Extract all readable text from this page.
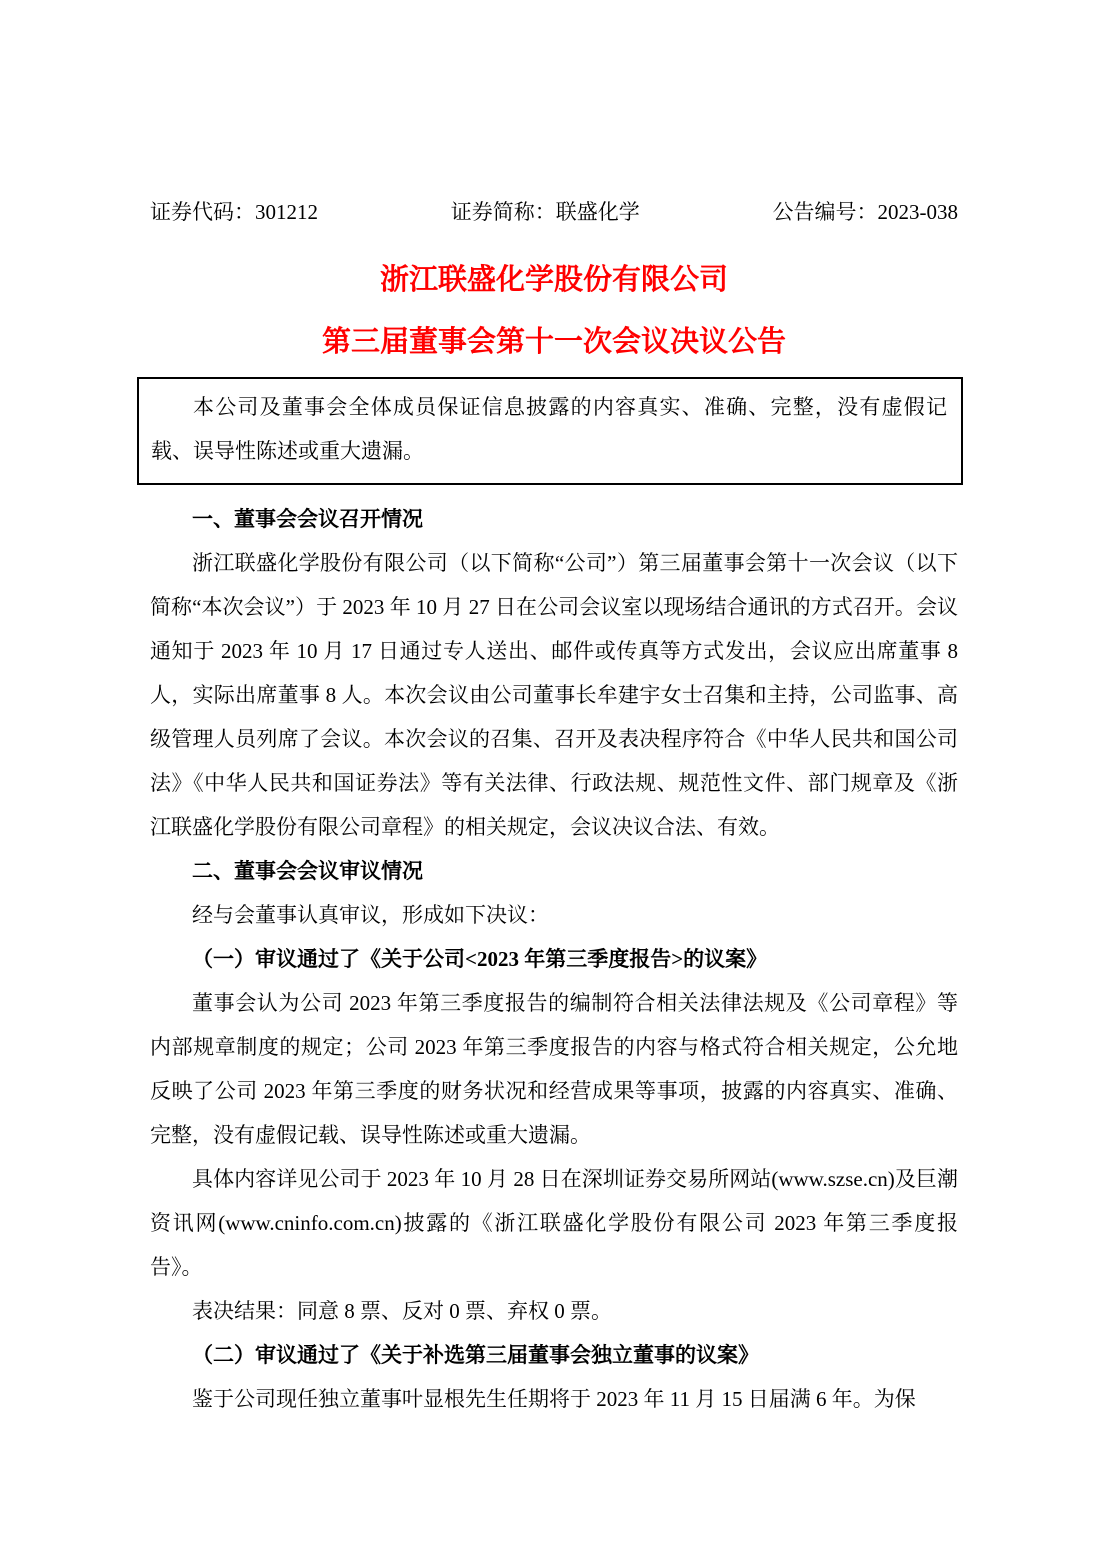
证券代码：301212	证券简称：联盛化学	公告编号：2023-038
浙江联盛化学股份有限公司
第三届董事会第十一次会议决议公告

本公司及董事会全体成员保证信息披露的内容真实、准确、完整，没有虚假记载、误导性陈述或重大遗漏。

一、董事会会议召开情况

浙江联盛化学股份有限公司（以下简称“公司”）第三届董事会第十一次会议（以下简称“本次会议”）于 2023 年 10 月 27 日在公司会议室以现场结合通讯的方式召开。会议通知于 2023 年 10 月 17 日通过专人送出、邮件或传真等方式发出，会议应出席董事 8 人，实际出席董事 8 人。本次会议由公司董事长牟建宇女士召集和主持，公司监事、高级管理人员列席了会议。本次会议的召集、召开及表决程序符合《中华人民共和国公司法》《中华人民共和国证券法》等有关法律、行政法规、规范性文件、部门规章及《浙江联盛化学股份有限公司章程》的相关规定，会议决议合法、有效。

二、董事会会议审议情况

经与会董事认真审议，形成如下决议：

（一）审议通过了《关于公司<2023 年第三季度报告>的议案》

董事会认为公司 2023 年第三季度报告的编制符合相关法律法规及《公司章程》等内部规章制度的规定；公司 2023 年第三季度报告的内容与格式符合相关规定，公允地反映了公司 2023 年第三季度的财务状况和经营成果等事项，披露的内容真实、准确、完整，没有虚假记载、误导性陈述或重大遗漏。

具体内容详见公司于 2023 年 10 月 28 日在深圳证券交易所网站(www.szse.cn)及巨潮资讯网(www.cninfo.com.cn)披露的《浙江联盛化学股份有限公司 2023 年第三季度报告》。

表决结果：同意 8 票、反对 0 票、弃权 0 票。

（二）审议通过了《关于补选第三届董事会独立董事的议案》

鉴于公司现任独立董事叶显根先生任期将于 2023 年 11 月 15 日届满 6 年。为保
